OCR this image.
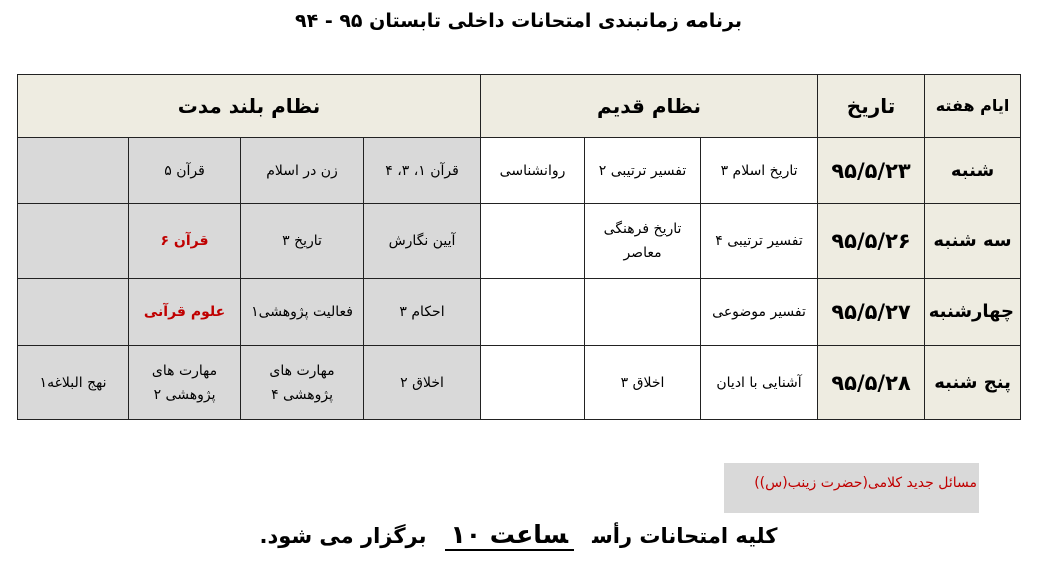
برنامه زمانبندی امتحانات داخلی تابستان ۹۵ - ۹۴
ایام هفته	تاریخ	نظام قدیم			نظام بلند مدت			
شنبه	۹۵/۵/۲۳	تاریخ اسلام ۳	تفسیر ترتیبی ۲	روانشناسی	قرآن ۱، ۳، ۴	زن در اسلام	قرآن ۵	
سه شنبه	۹۵/۵/۲۶	تفسیر ترتیبی ۴	تاریخ فرهنگی معاصر		آیین نگارش	تاریخ ۳	قرآن ۶	
چهارشنبه	۹۵/۵/۲۷	تفسیر موضوعی			احکام ۳	فعالیت پژوهشی۱	علوم قرآنی	
پنج شنبه	۹۵/۵/۲۸	آشنایی با ادیان	اخلاق ۳		اخلاق ۲	مهارت های پژوهشی ۴	مهارت های پژوهشی ۲	نهج البلاغه۱
مسائل جدید کلامی(حضرت زینب(س))
کلیه امتحانات رأسساعت ۱۰برگزار می شود.
